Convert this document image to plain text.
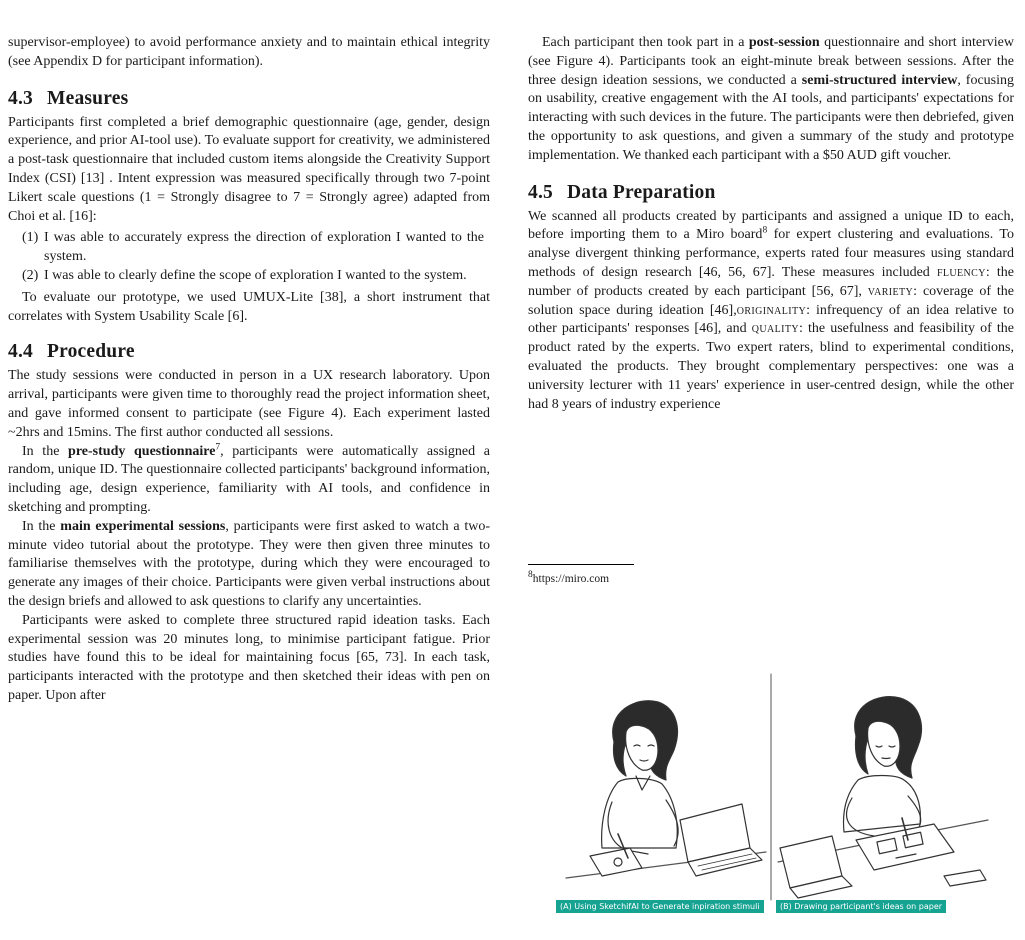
supervisor-employee) to avoid performance anxiety and to maintain ethical integrity (see Appendix D for participant information).

4.3 Measures

Participants first completed a brief demographic questionnaire (age, gender, design experience, and prior AI-tool use). To evaluate support for creativity, we administered a post-task questionnaire that included custom items alongside the Creativity Support Index (CSI) [13] . Intent expression was measured specifically through two 7-point Likert scale questions (1 = Strongly disagree to 7 = Strongly agree) adapted from Choi et al. [16]:

(1) I was able to accurately express the direction of exploration I wanted to the system.
(2) I was able to clearly define the scope of exploration I wanted to the system.

To evaluate our prototype, we used UMUX-Lite [38], a short instrument that correlates with System Usability Scale [6].

4.4 Procedure

The study sessions were conducted in person in a UX research laboratory. Upon arrival, participants were given time to thoroughly read the project information sheet, and gave informed consent to participate (see Figure 4). Each experiment lasted ~2hrs and 15mins. The first author conducted all sessions.

In the pre-study questionnaire$^7$, participants were automatically assigned a random, unique ID. The questionnaire collected participants' background information, including age, design experience, familiarity with AI tools, and confidence in sketching and prompting.

In the main experimental sessions, participants were first asked to watch a two-minute video tutorial about the prototype. They were then given three minutes to familiarise themselves with the prototype, during which they were encouraged to generate any images of their choice. Participants were given verbal instructions about the design briefs and allowed to ask questions to clarify any uncertainties.

Participants were asked to complete three structured rapid ideation tasks. Each experimental session was 20 minutes long, to minimise participant fatigue. Prior studies have found this to be ideal for maintaining focus [65, 73]. In each task, participants interacted with the prototype and then sketched their ideas with pen on paper. Upon after

Each participant then took part in a post-session questionnaire and short interview (see Figure 4). Participants took an eight-minute break between sessions. After the three design ideation sessions, we conducted a semi-structured interview, focusing on usability, creative engagement with the AI tools, and participants' expectations for interacting with such devices in the future. The participants were then debriefed, given the opportunity to ask questions, and given a summary of the study and prototype implementation. We thanked each participant with a $50 AUD gift voucher.

4.5 Data Preparation

We scanned all products created by participants and assigned a unique ID to each, before importing them to a Miro board$^8$ for expert clustering and evaluations. To analyse divergent thinking performance, experts rated four measures using standard methods of design research [46, 56, 67]. These measures included fluency: the number of products created by each participant [56, 67], variety: coverage of the solution space during ideation [46],originality: infrequency of an idea relative to other participants' responses [46], and quality: the usefulness and feasibility of the product rated by the experts. Two expert raters, blind to experimental conditions, evaluated the products. They brought complementary perspectives: one was a university lecturer with 11 years' experience in user-centred design, while the other had 8 years of industry experience

$^8$https://miro.com

(A) Using SketchifAI to Generate inpiration stimuli	(B) Drawing participant's ideas on paper
